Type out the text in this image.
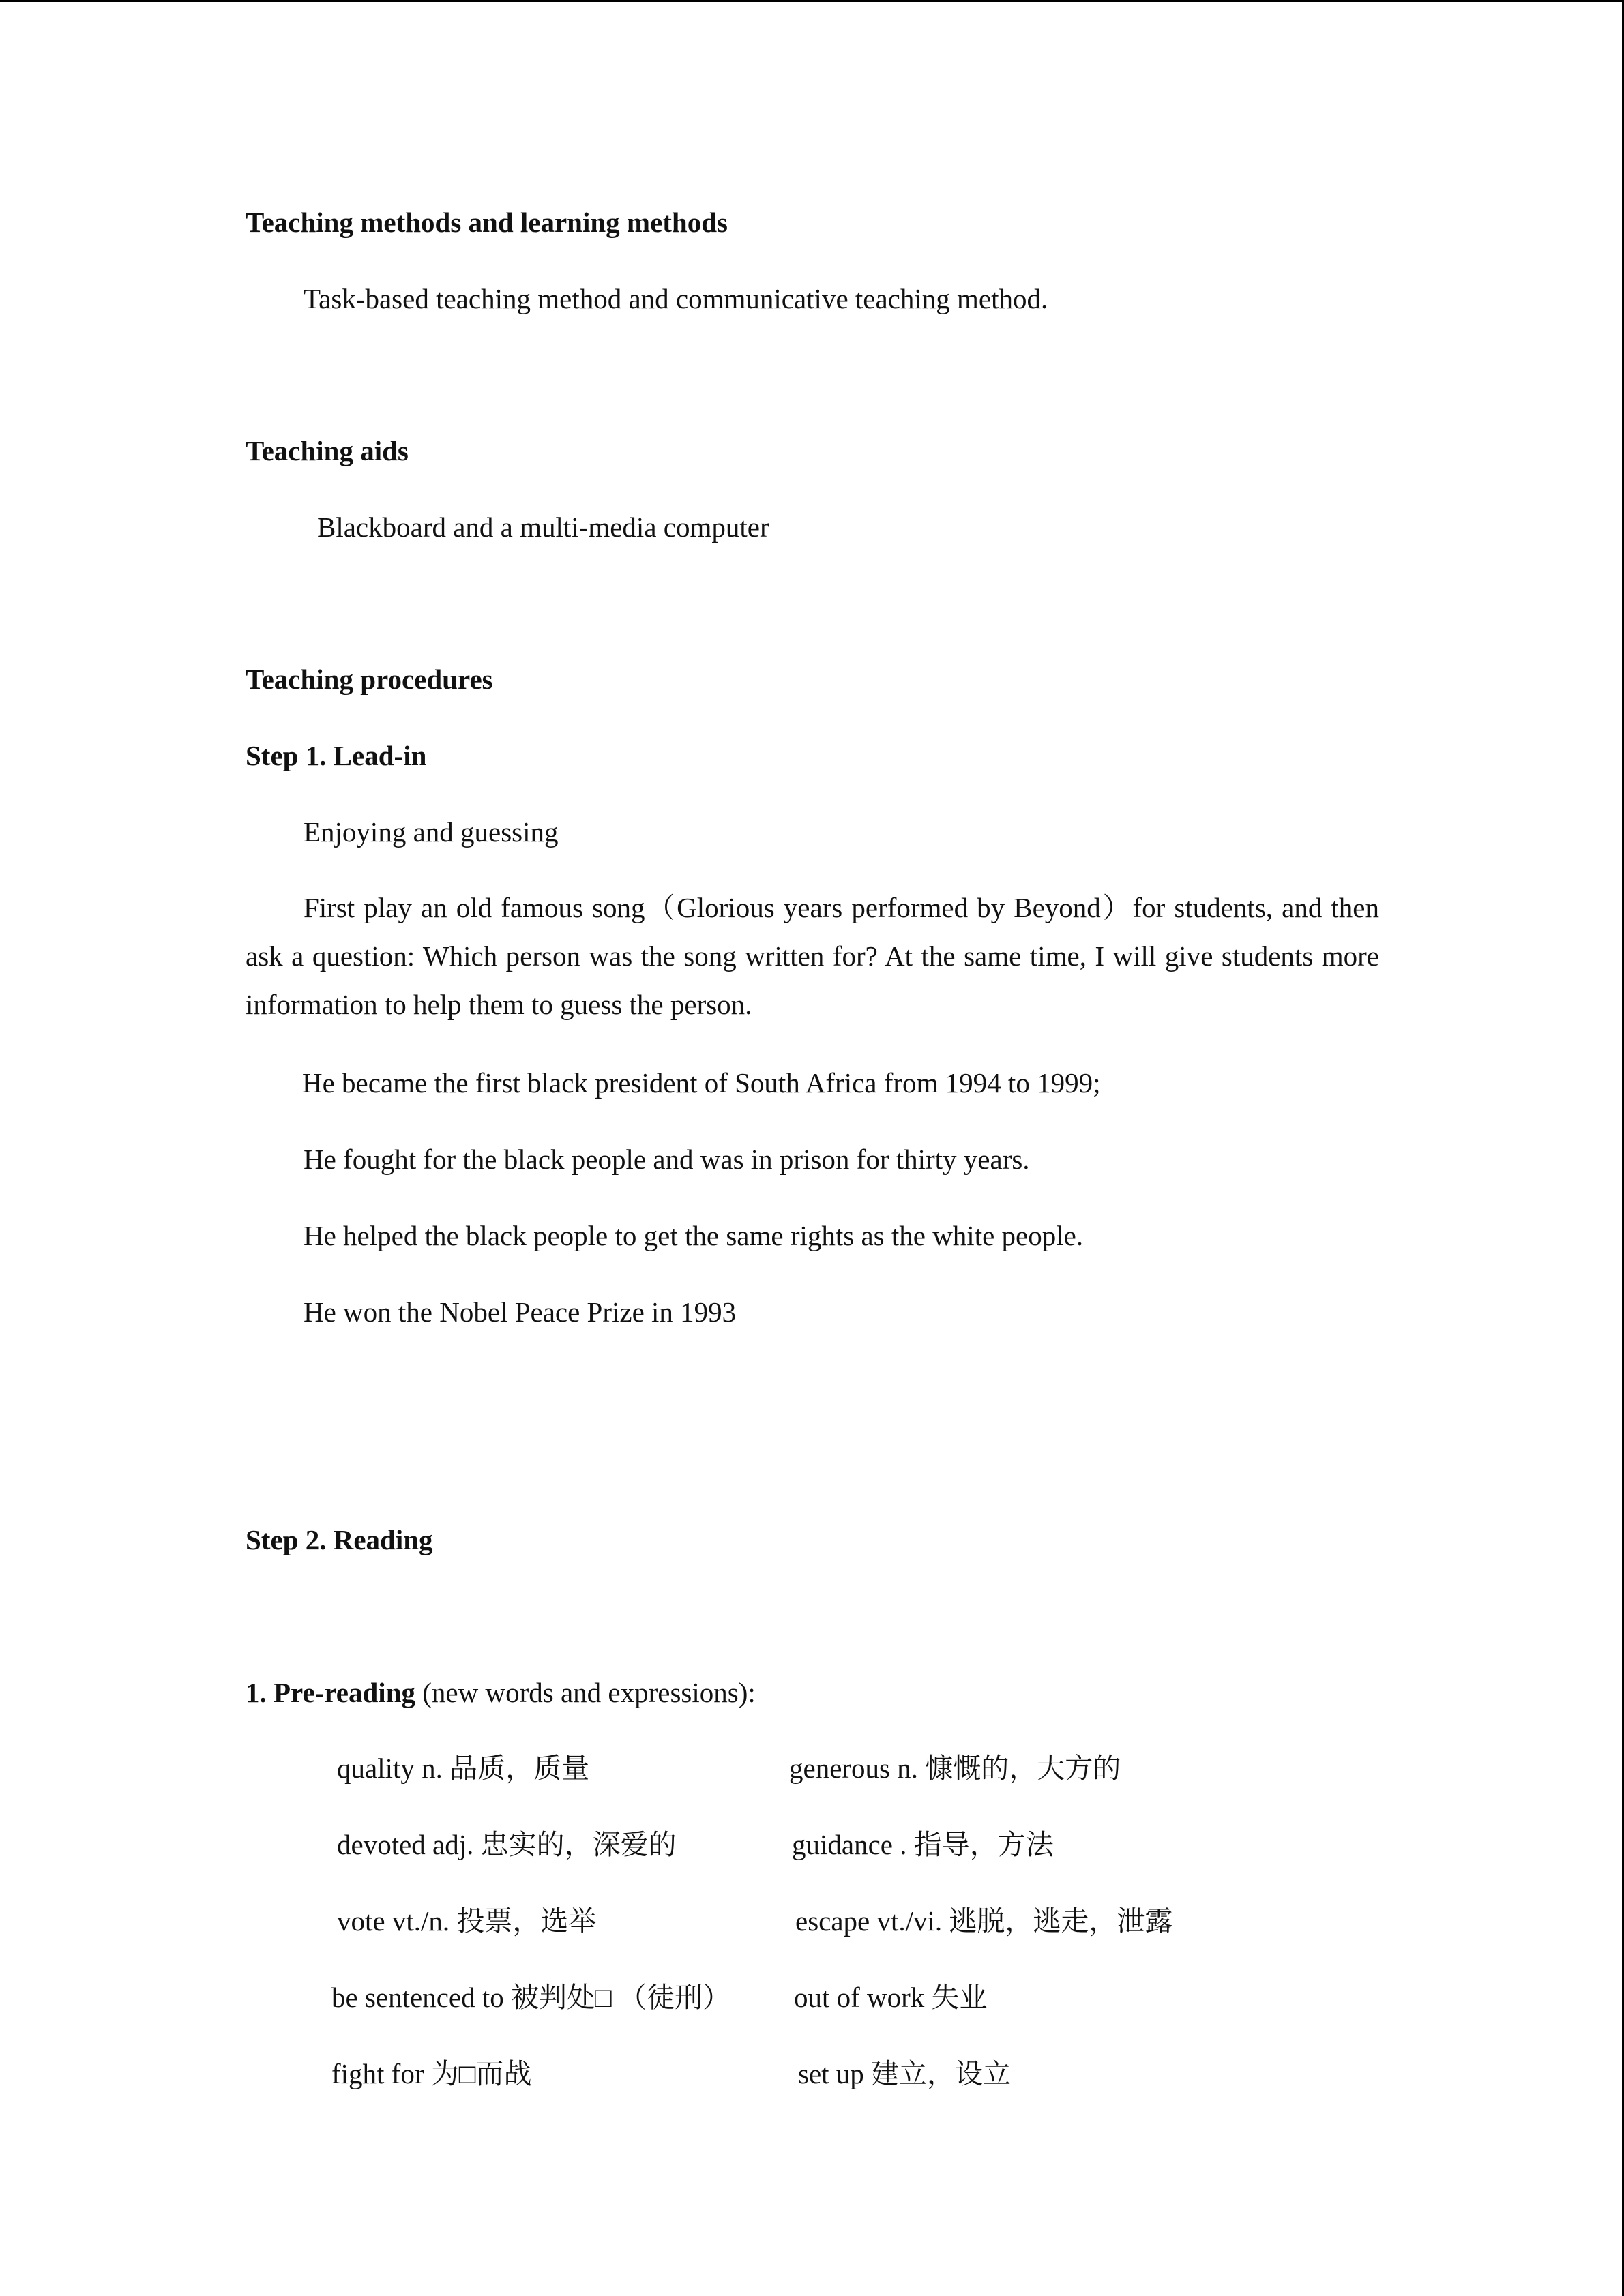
Teaching methods and learning methods
Task-based teaching method and communicative teaching method.
Teaching aids
Blackboard and a multi-media computer
Teaching procedures
Step 1. Lead-in
Enjoying and guessing
First play an old famous song（Glorious years performed by Beyond）for students, and then ask a question: Which person was the song written for? At the same time, I will give students more information to help them to guess the person.
He became the first black president of South Africa from 1994 to 1999;
He fought for the black people and was in prison for thirty years.
He helped the black people to get the same rights as the white people.
He won the Nobel Peace Prize in 1993
Step 2. Reading
1. Pre-reading (new words and expressions):
quality n. 品质，质量
devoted adj. 忠实的，深爱的
vote vt./n. 投票，选举
be sentenced to 被判处□ （徒刑）
fight for 为□而战
generous n. 慷慨的，大方的
guidance . 指导，方法
escape vt./vi. 逃脱，逃走，泄露
out of work 失业
set up 建立，设立
